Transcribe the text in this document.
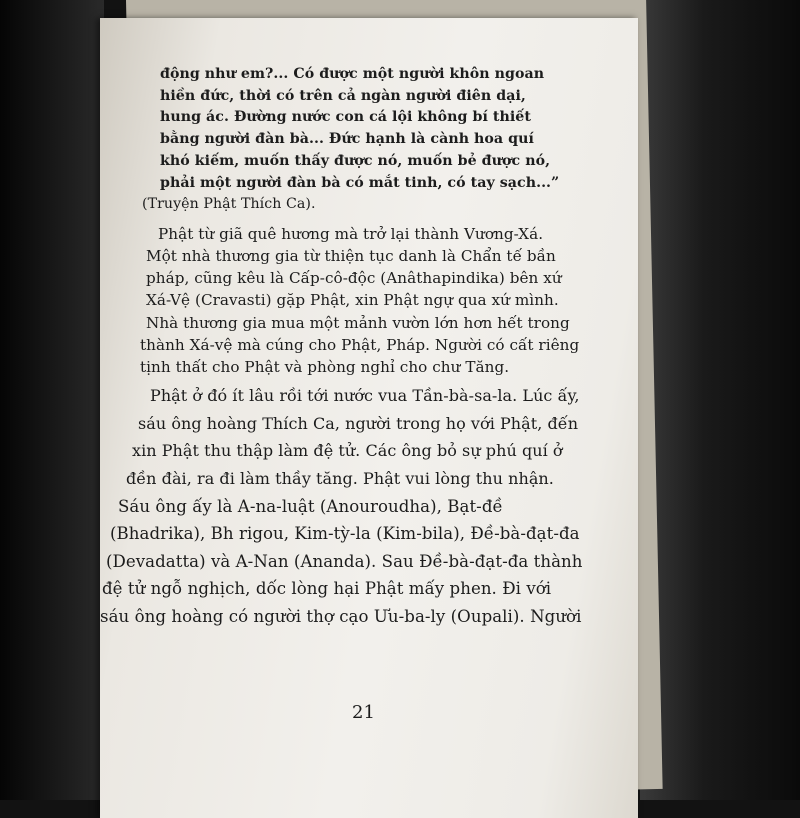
động như em?... Có được một người khôn ngoan
hiền đức, thời có trên cả ngàn người điên dại,
hung ác. Đường nước con cá lội không bí thiết
bằng người đàn bà... Đức hạnh là cành hoa quí
khó kiếm, muốn thấy được nó, muốn bẻ được nó,
phải một người đàn bà có mắt tinh, có tay sạch...”
(Truyện Phật Thích Ca).
Phật từ giã quê hương mà trở lại thành Vương-Xá.
Một nhà thương gia từ thiện tục danh là Chẩn tế bần
pháp, cũng kêu là Cấp-cô-độc (Anâthapindika) bên xứ
Xá-Vệ (Cravasti) gặp Phật, xin Phật ngự qua xứ mình.
Nhà thương gia mua một mảnh vườn lớn hơn hết trong
thành Xá-vệ mà cúng cho Phật, Pháp. Người có cất riêng
tịnh thất cho Phật và phòng nghỉ cho chư Tăng.
Phật ở đó ít lâu rồi tới nước vua Tần-bà-sa-la. Lúc ấy,
sáu ông hoàng Thích Ca, người trong họ với Phật, đến
xin Phật thu thập làm đệ tử. Các ông bỏ sự phú quí ở
đền đài, ra đi làm thầy tăng. Phật vui lòng thu nhận.
Sáu ông ấy là A-na-luật (Anouroudha), Bạt-đề
(Bhadrika), Bh rigou, Kim-tỳ-la (Kim-bila), Đề-bà-đạt-đa
(Devadatta) và A-Nan (Ananda). Sau Đề-bà-đạt-đa thành
đệ tử ngỗ nghịch, dốc lòng hại Phật mấy phen. Đi với
sáu ông hoàng có người thợ cạo Ưu-ba-ly (Oupali). Người
21
